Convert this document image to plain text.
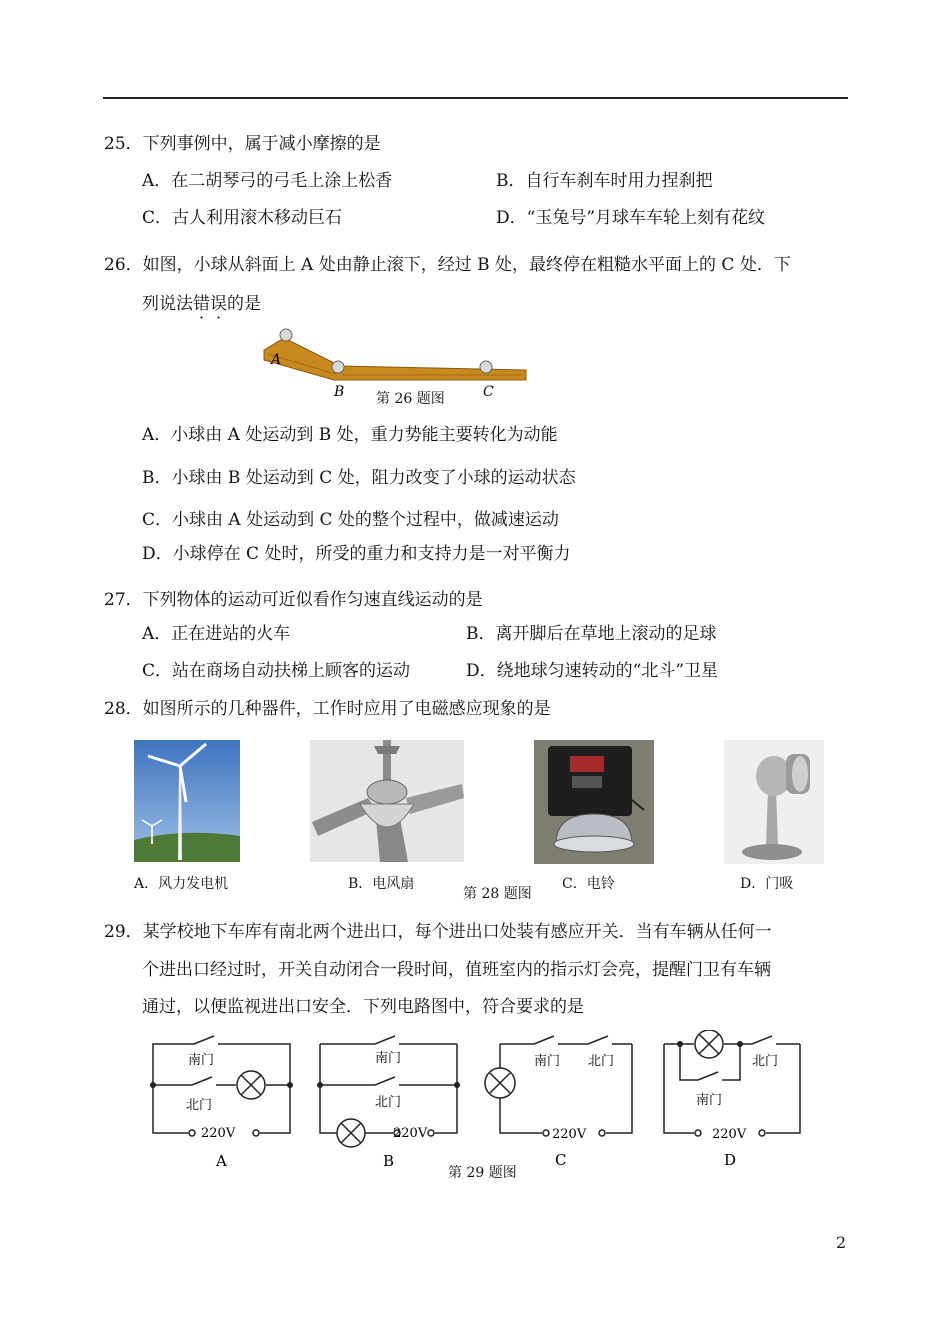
25．下列事例中，属于减小摩擦的是
A．在二胡琴弓的弓毛上涂上松香	B．自行车刹车时用力捏刹把
C．古人利用滚木移动巨石	D．“玉兔号”月球车车轮上刻有花纹
26．如图，小球从斜面上 A 处由静止滚下，经过 B 处，最终停在粗糙水平面上的 C 处．下
列说法错误的是
A
B	C
第 26 题图
A．小球由 A 处运动到 B 处，重力势能主要转化为动能
B．小球由 B 处运动到 C 处，阻力改变了小球的运动状态
C．小球由 A 处运动到 C 处的整个过程中，做减速运动
D．小球停在 C 处时，所受的重力和支持力是一对平衡力
27．下列物体的运动可近似看作匀速直线运动的是
A．正在进站的火车	B．离开脚后在草地上滚动的足球
C．站在商场自动扶梯上顾客的运动	D．绕地球匀速转动的“北斗”卫星
28．如图所示的几种器件，工作时应用了电磁感应现象的是
A．风力发电机	B．电风扇	C．电铃	D．门吸
第 28 题图
29．某学校地下车库有南北两个进出口，每个进出口处装有感应开关．当有车辆从任何一
个进出口经过时，开关自动闭合一段时间，值班室内的指示灯会亮，提醒门卫有车辆
通过，以便监视进出口安全．下列电路图中，符合要求的是
南门
北门
220V
A
南门
北门
220V
B
南门 北门
220V
C
北门
南门
220V
D
第 29 题图
2
